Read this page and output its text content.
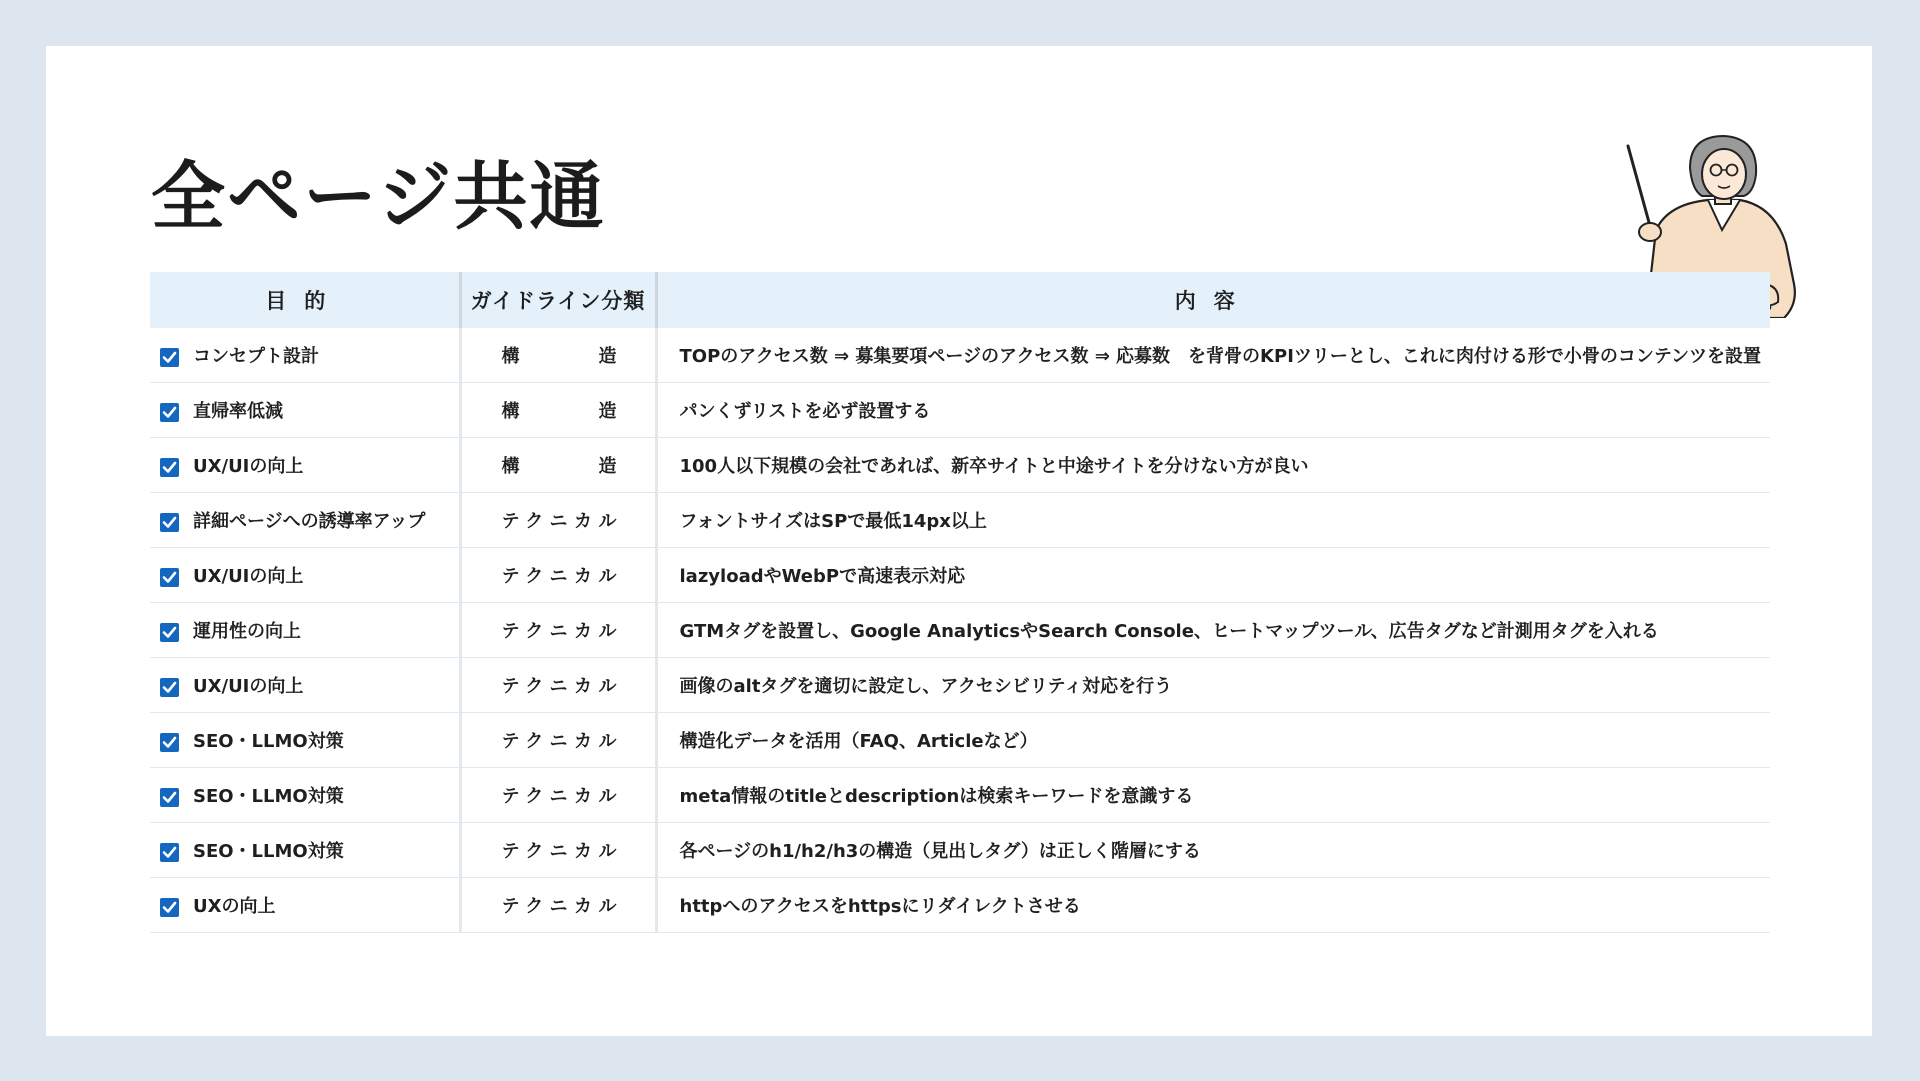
全ページ共通
目的	ガイドライン分類	内容

コンセプト設計	構造	TOPのアクセス数 ⇒ 募集要項ページのアクセス数 ⇒ 応募数　を背骨のKPIツリーとし、これに肉付ける形で小骨のコンテンツを設置

直帰率低減	構造	パンくずリストを必ず設置する

UX/UIの向上	構造	100人以下規模の会社であれば、新卒サイトと中途サイトを分けない方が良い

詳細ページへの誘導率アップ	テクニカル	フォントサイズはSPで最低14px以上

UX/UIの向上	テクニカル	lazyloadやWebPで高速表示対応

運用性の向上	テクニカル	GTMタグを設置し、Google AnalyticsやSearch Console、ヒートマップツール、広告タグなど計測用タグを入れる

UX/UIの向上	テクニカル	画像のaltタグを適切に設定し、アクセシビリティ対応を行う

SEO・LLMO対策	テクニカル	構造化データを活用（FAQ、Articleなど）

SEO・LLMO対策	テクニカル	meta情報のtitleとdescriptionは検索キーワードを意識する

SEO・LLMO対策	テクニカル	各ページのh1/h2/h3の構造（見出しタグ）は正しく階層にする

UXの向上	テクニカル	httpへのアクセスをhttpsにリダイレクトさせる
